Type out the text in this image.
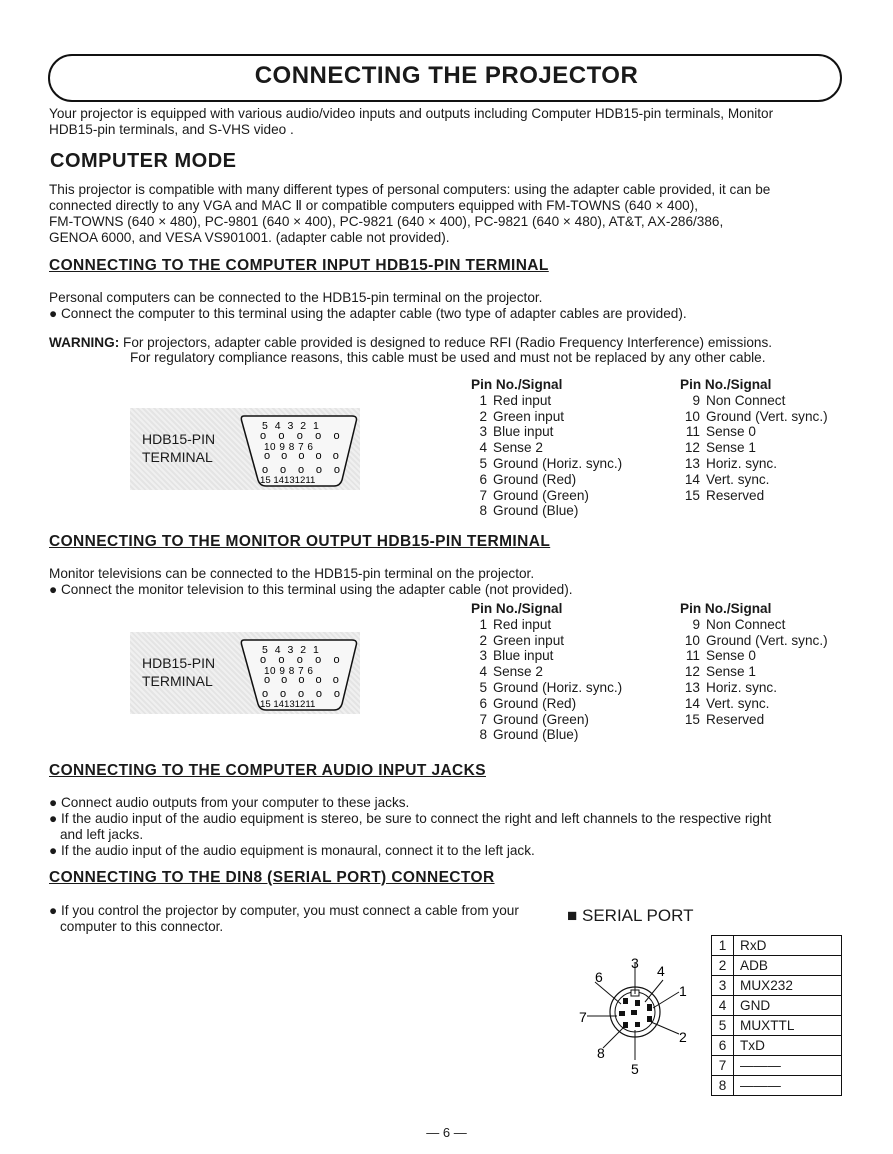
CONNECTING THE PROJECTOR

Your projector is equipped with various audio/video inputs and outputs including Computer HDB15-pin terminals, Monitor

HDB15-pin terminals, and S-VHS video .

COMPUTER MODE

This projector is compatible with many different types of personal computers: using the adapter cable provided, it can be

connected directly to any VGA and MAC Ⅱ or compatible computers equipped with FM-TOWNS (640 × 400),

FM-TOWNS (640 × 480), PC-9801 (640 × 400), PC-9821 (640 × 400), PC-9821 (640 × 480), AT&T, AX-286/386,

GENOA 6000, and VESA VS901001. (adapter cable not provided).

CONNECTING TO THE COMPUTER INPUT HDB15-PIN TERMINAL

Personal computers can be connected to the HDB15-pin terminal on the projector.

● Connect the computer to this terminal using the adapter cable (two type of adapter cables are provided).

WARNING: For projectors, adapter cable provided is designed to reduce RFI (Radio Frequency Interference) emissions.
For regulatory compliance reasons, this cable must be used and must not be replaced by any other cable.
HDB15-PIN
TERMINAL
5 4 3 2 1
o o o o o
10 9 8 7 6
o o o o o
o o o o o
15 14131211
Pin No./Signal
1 Red input
2 Green input
3 Blue input
4 Sense 2
5 Ground (Horiz. sync.)
6 Ground (Red)
7 Ground (Green)
8 Ground (Blue)
Pin No./Signal
9 Non Connect
10 Ground (Vert. sync.)
11 Sense 0
12 Sense 1
13 Horiz. sync.
14 Vert. sync.
15 Reserved
CONNECTING TO THE MONITOR OUTPUT HDB15-PIN TERMINAL

Monitor televisions can be connected to the HDB15-pin terminal on the projector.

● Connect the monitor television to this terminal using the adapter cable (not provided).

HDB15-PIN
TERMINAL
5 4 3 2 1
o o o o o
10 9 8 7 6
o o o o o
o o o o o
15 14131211
Pin No./Signal
1 Red input
2 Green input
3 Blue input
4 Sense 2
5 Ground (Horiz. sync.)
6 Ground (Red)
7 Ground (Green)
8 Ground (Blue)
Pin No./Signal
9 Non Connect
10 Ground (Vert. sync.)
11 Sense 0
12 Sense 1
13 Horiz. sync.
14 Vert. sync.
15 Reserved
CONNECTING TO THE COMPUTER AUDIO INPUT JACKS

● Connect audio outputs from your computer to these jacks.

● If the audio input of the audio equipment is stereo, be sure to connect the right and left channels to the respective right

and left jacks.

● If the audio input of the audio equipment is monaural, connect it to the left jack.

CONNECTING TO THE DIN8 (SERIAL PORT) CONNECTOR

● If you control the projector by computer, you must connect a cable from your

computer to this connector.

■ SERIAL PORT
3 4
6
1
7
2
8
5
1	RxD
2	ADB
3	MUX232
4	GND
5	MUXTTL
6	TxD
7	———
8	———
— 6 —
